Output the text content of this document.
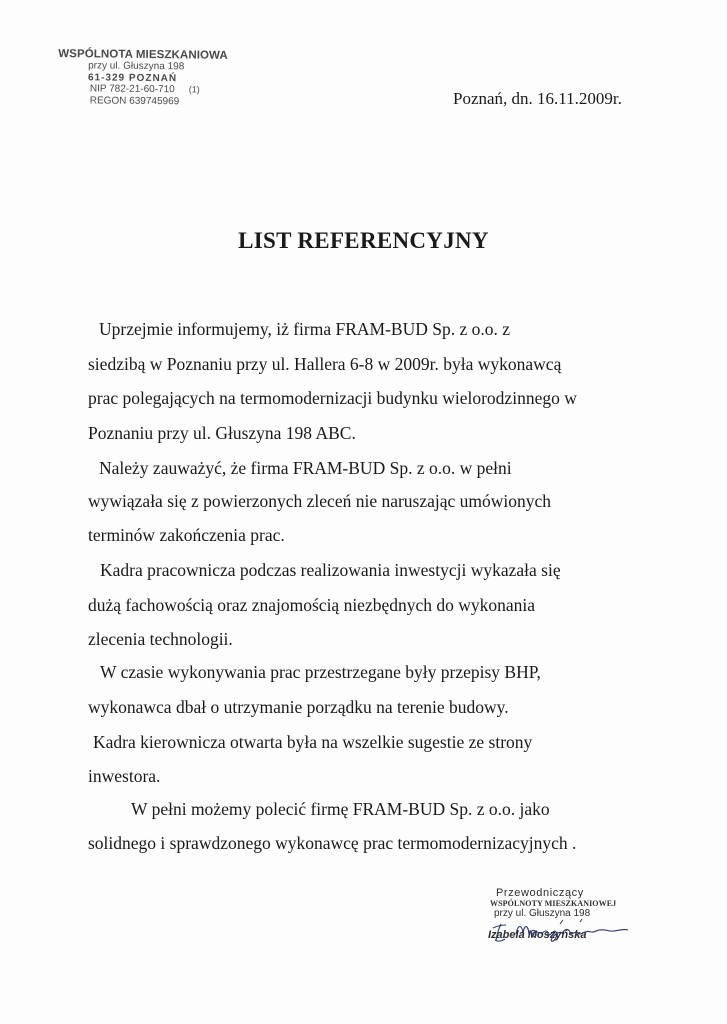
WSPÓLNOTA MIESZKANIOWA
przy ul. Głuszyna 198
61-329 POZNAŃ
NIP 782-21-60-710 (1)
REGON 639745969	Poznań, dn. 16.11.2009r.
LIST REFERENCYJNY
Uprzejmie informujemy, iż firma FRAM-BUD Sp. z o.o. z
siedzibą w Poznaniu przy ul. Hallera 6-8 w 2009r. była wykonawcą
prac polegających na termomodernizacji budynku wielorodzinnego w
Poznaniu przy ul. Głuszyna 198 ABC.
Należy zauważyć, że firma FRAM-BUD Sp. z o.o. w pełni
wywiązała się z powierzonych zleceń nie naruszając umówionych
terminów zakończenia prac.
Kadra pracownicza podczas realizowania inwestycji wykazała się
dużą fachowością oraz znajomością niezbędnych do wykonania
zlecenia technologii.
W czasie wykonywania prac przestrzegane były przepisy BHP,
wykonawca dbał o utrzymanie porządku na terenie budowy.
Kadra kierownicza otwarta była na wszelkie sugestie ze strony
inwestora.
W pełni możemy polecić firmę FRAM-BUD Sp. z o.o. jako
solidnego i sprawdzonego wykonawcę prac termomodernizacyjnych .
Przewodniczący
WSPÓLNOTY MIESZKANIOWEJ
przy ul. Głuszyna 198
Izabela Moszyńska
